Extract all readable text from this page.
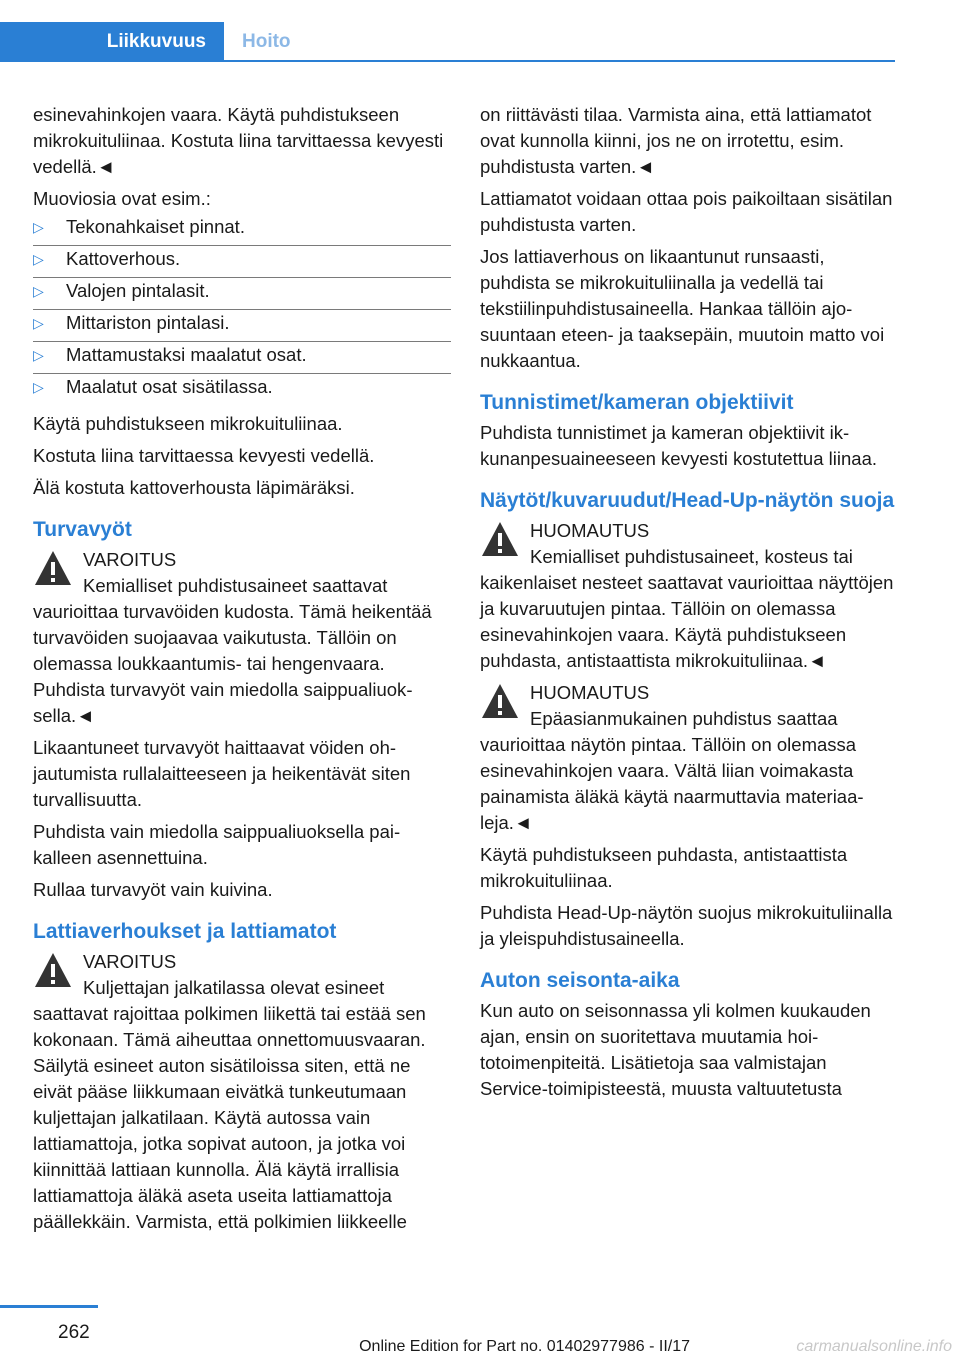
Liikkuvuus	Hoito

esinevahinkojen vaara. Käytä puhdistukseen mikrokuituliinaa. Kostuta liina tarvittaessa kevyesti vedellä.◄

Muoviosia ovat esim.:

▷ Tekonahkaiset pinnat.
▷ Kattoverhous.
▷ Valojen pintalasit.
▷ Mittariston pintalasi.
▷ Mattamustaksi maalatut osat.
▷ Maalatut osat sisätilassa.

Käytä puhdistukseen mikrokuituliinaa.

Kostuta liina tarvittaessa kevyesti vedellä.

Älä kostuta kattoverhousta läpimäräksi.

Turvavyöt
VAROITUS
Kemialliset puhdistusaineet saattavat
vaurioittaa turvavöiden kudosta. Tämä heikentää turvavöiden suojaavaa vaikutusta. Tällöin on olemassa loukkaantumis- tai hengenvaara. Puhdista turvavyöt vain miedolla saippualiuoksella.◄

Likaantuneet turvavyöt haittaavat vöiden ohjautumista rullalaitteeseen ja heikentävät siten turvallisuutta.

Puhdista vain miedolla saippualiuoksella paikalleen asennettuina.

Rullaa turvavyöt vain kuivina.

Lattiaverhoukset ja lattiamatot
VAROITUS
Kuljettajan jalkatilassa olevat esineet
saattavat rajoittaa polkimen liikettä tai estää sen kokonaan. Tämä aiheuttaa onnettomuusvaaran. Säilytä esineet auton sisätiloissa siten, että ne eivät pääse liikkumaan eivätkä tunkeutumaan kuljettajan jalkatilaan. Käytä autossa vain lattiamattoja, jotka sopivat autoon, ja jotka voi kiinnittää lattiaan kunnolla. Älä käytä irrallisia lattiamattoja äläkä aseta useita lattiamattoja päällekkäin. Varmista, että polkimien liikkeelle

on riittävästi tilaa. Varmista aina, että lattiamatot ovat kunnolla kiinni, jos ne on irrotettu, esim. puhdistusta varten.◄

Lattiamatot voidaan ottaa pois paikoiltaan sisätilan puhdistusta varten.

Jos lattiaverhous on likaantunut runsaasti, puhdista se mikrokuituliinalla ja vedellä tai tekstiilinpuhdistusaineella. Hankaa tällöin ajosuuntaan eteen- ja taaksepäin, muutoin matto voi nukkaantua.

Tunnistimet/kameran objektiivit

Puhdista tunnistimet ja kameran objektiivit ikkunanpesuaineeseen kevyesti kostutettua liinaa.

Näytöt/kuvaruudut/Head-Up-näytön suoja
HUOMAUTUS
Kemialliset puhdistusaineet, kosteus tai
kaikenlaiset nesteet saattavat vaurioittaa näyttöjen ja kuvaruutujen pintaa. Tällöin on olemassa esinevahinkojen vaara. Käytä puhdistukseen puhdasta, antistaattista mikrokuituliinaa.◄
HUOMAUTUS
Epäasianmukainen puhdistus saattaa
vaurioittaa näytön pintaa. Tällöin on olemassa esinevahinkojen vaara. Vältä liian voimakasta painamista äläkä käytä naarmuttavia materiaaleja.◄

Käytä puhdistukseen puhdasta, antistaattista mikrokuituliinaa.

Puhdista Head-Up-näytön suojus mikrokuituliinalla ja yleispuhdistusaineella.

Auton seisonta-aika

Kun auto on seisonnassa yli kolmen kuukauden ajan, ensin on suoritettava muutamia hoitotoimenpiteitä. Lisätietoja saa valmistajan Service-toimipisteestä, muusta valtuutetusta

262
Online Edition for Part no. 01402977986 - II/17	carmanualsonline.info
